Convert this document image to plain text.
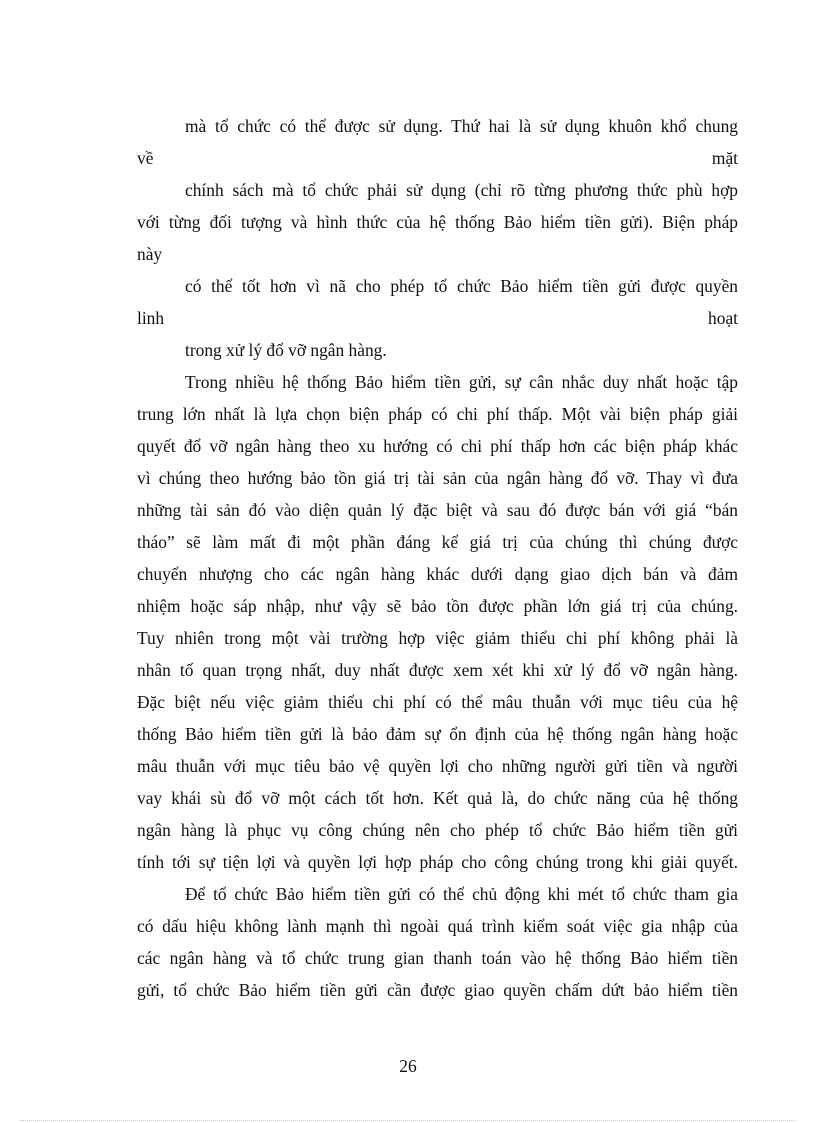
mà tổ chức có thể được sử dụng. Thứ hai là sử dụng khuôn khổ chung
về	mặt
chính sách mà tổ chức phải sử dụng (chỉ rõ từng phương thức phù hợp
với từng đối tượng và hình thức của hệ thống Bảo hiểm tiền gửi). Biện pháp
này
có thể tốt hơn vì nã cho phép tổ chức Bảo hiểm tiền gửi được quyền
linh	hoạt
trong xử lý đổ vỡ ngân hàng.
Trong nhiều hệ thống Bảo hiểm tiền gửi, sự cân nhắc duy nhất hoặc tập
trung lớn nhất là lựa chọn biện pháp có chi phí thấp. Một vài biện pháp giải
quyết đổ vỡ ngân hàng theo xu hướng có chi phí thấp hơn các biện pháp khác
vì chúng theo hướng bảo tồn giá trị tài sản của ngân hàng đổ vỡ. Thay vì đưa
những tài sản đó vào diện quản lý đặc biệt và sau đó được bán với giá “bán
tháo” sẽ làm mất đi một phần đáng kể giá trị của chúng thì chúng được
chuyển nhượng cho các ngân hàng khác dưới dạng giao dịch bán và đảm
nhiệm hoặc sáp nhập, như vậy sẽ bảo tồn được phần lớn giá trị của chúng.
Tuy nhiên trong một vài trường hợp việc giảm thiểu chi phí không phải là
nhân tố quan trọng nhất, duy nhất được xem xét khi xử lý đổ vỡ ngân hàng.
Đặc biệt nếu việc giảm thiểu chi phí có thể mâu thuẫn với mục tiêu của hệ
thống Bảo hiểm tiền gửi là bảo đảm sự ổn định của hệ thống ngân hàng hoặc
mâu thuẫn với mục tiêu bảo vệ quyền lợi cho những người gửi tiền và người
vay khái sù đổ vỡ một cách tốt hơn. Kết quả là, do chức năng của hệ thống
ngân hàng là phục vụ công chúng nên cho phép tổ chức Bảo hiểm tiền gửi
tính tới sự tiện lợi và quyền lợi hợp pháp cho công chúng trong khi giải quyết.
Để tổ chức Bảo hiểm tiền gửi có thể chủ động khi mét tổ chức tham gia
có dấu hiệu không lành mạnh thì ngoài quá trình kiểm soát việc gia nhập của
các ngân hàng và tổ chức trung gian thanh toán vào hệ thống Bảo hiểm tiền
gửi, tổ chức Bảo hiểm tiền gửi cần được giao quyền chấm dứt bảo hiểm tiền
26
